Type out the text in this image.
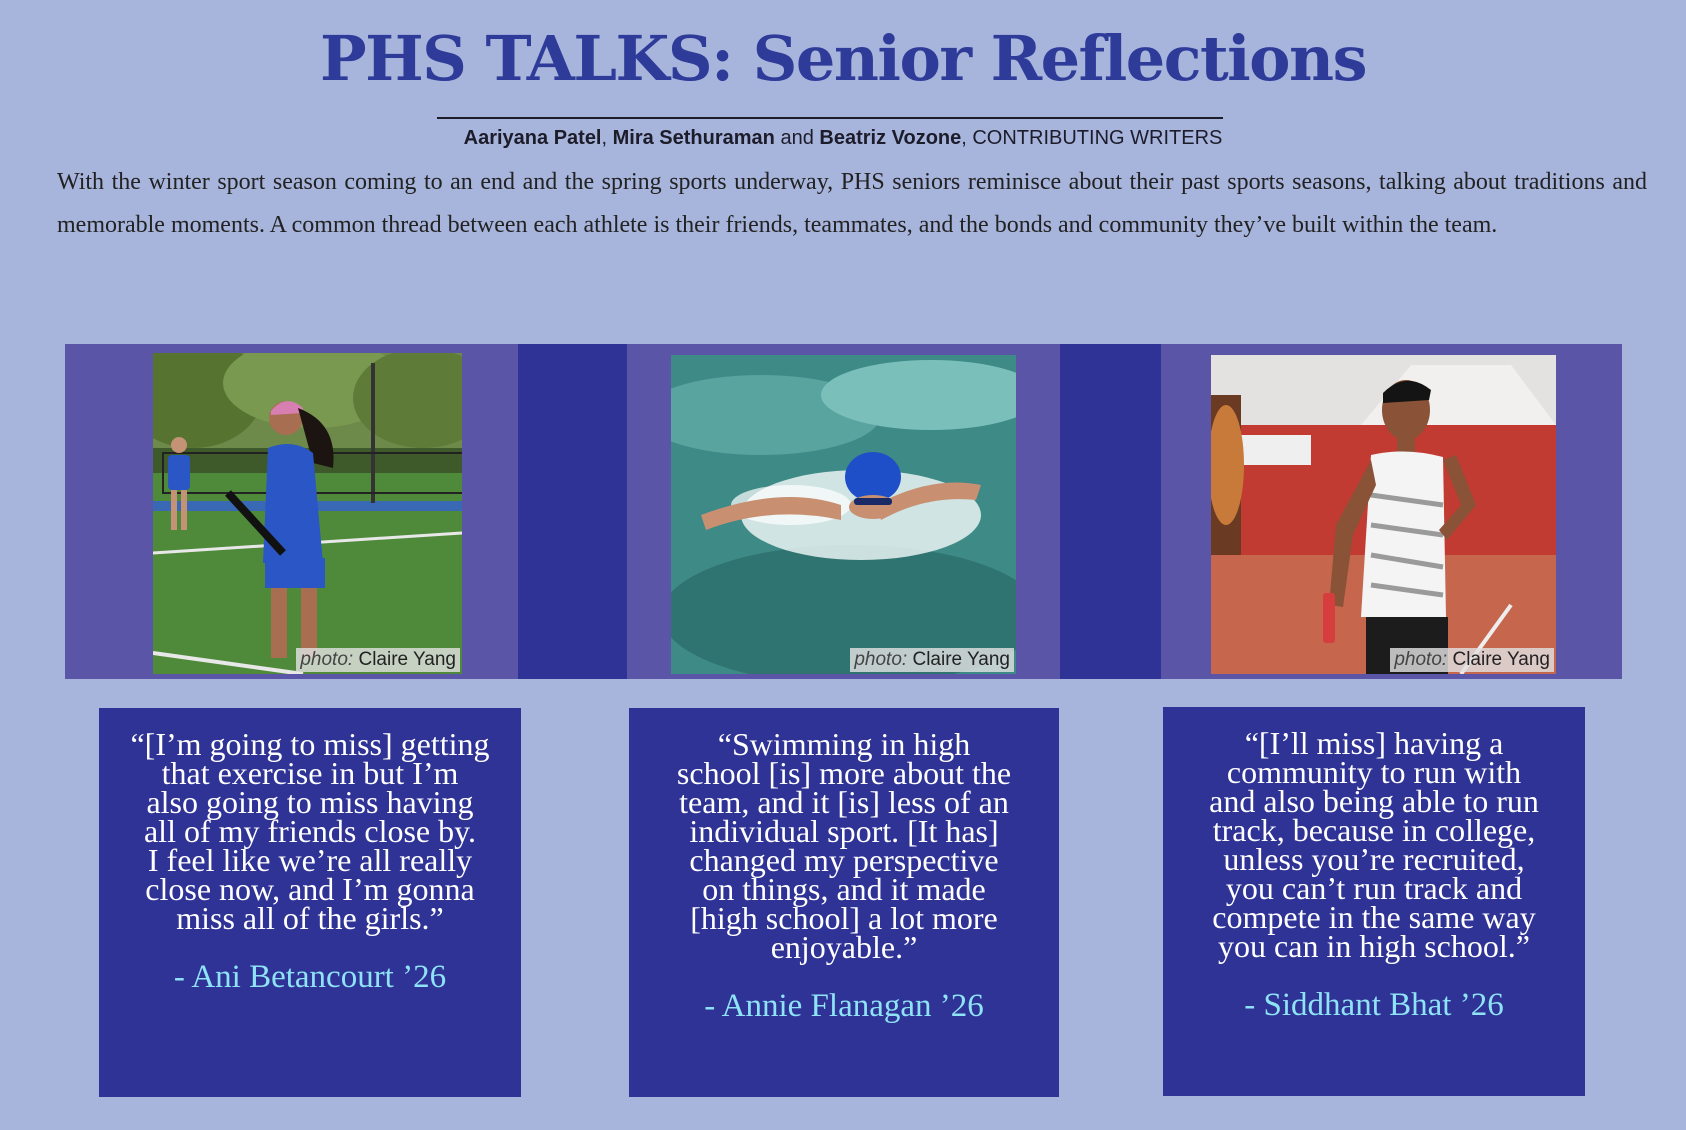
PHS TALKS: Senior Reflections
Aariyana Patel, Mira Sethuraman and Beatriz Vozone, CONTRIBUTING WRITERS

With the winter sport season coming to an end and the spring sports underway, PHS seniors reminisce about their past sports seasons, talking about traditions and memorable moments. A common thread between each athlete is their friends, teammates, and the bonds and community they’ve built within the team.

photo: Claire Yang	photo: Claire Yang	photo: Claire Yang

“[I’m going to miss] getting
that exercise in but I’m
also going to miss having
all of my friends close by.
I feel like we’re all really
close now, and I’m gonna
miss all of the girls.”

- Ani Betancourt ’26

“Swimming in high
school [is] more about the
team, and it [is] less of an
individual sport. [It has]
changed my perspective
on things, and it made
[high school] a lot more
enjoyable.”

- Annie Flanagan ’26

“[I’ll miss] having a
community to run with
and also being able to run
track, because in college,
unless you’re recruited,
you can’t run track and
compete in the same way
you can in high school.”

- Siddhant Bhat ’26
